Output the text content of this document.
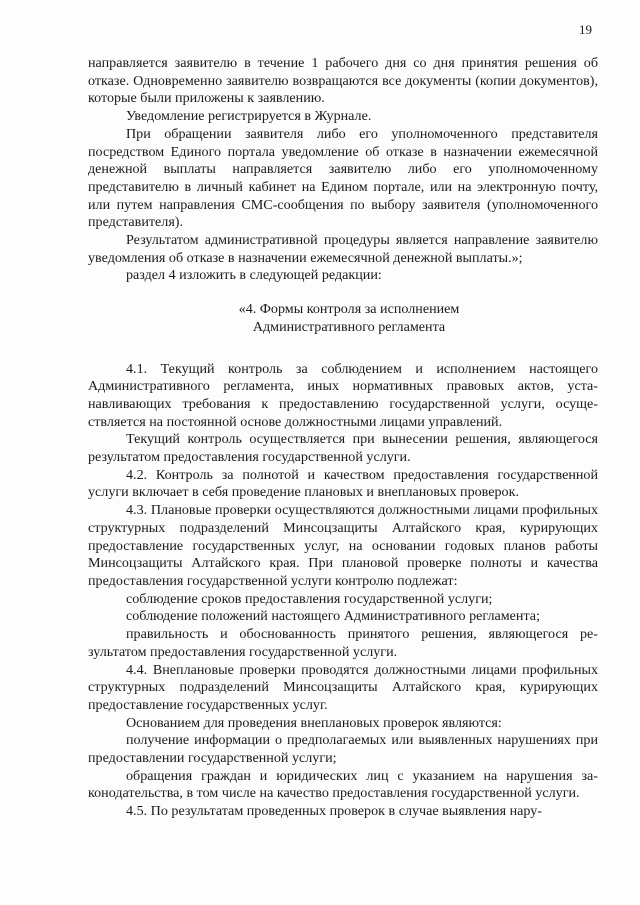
19

направляется заявителю в течение 1 рабочего дня со дня принятия решения об отказе. Одновременно заявителю возвращаются все документы (копии документов), которые были приложены к заявлению.

Уведомление регистрируется в Журнале.

При обращении заявителя либо его уполномоченного представителя посредством Единого портала уведомление об отказе в назначении ежемесячной денежной выплаты направляется заявителю либо его уполномоченному представителю в личный кабинет на Едином портале, или на электронную почту, или путем направления СМС-сообщения по выбору заявителя (уполномоченного представителя).

Результатом административной процедуры является направление заявителю уведомления об отказе в назначении ежемесячной денежной выплаты.»;

раздел 4 изложить в следующей редакции:

«4. Формы контроля за исполнением
Административного регламента

4.1. Текущий контроль за соблюдением и исполнением настоящего Административного регламента, иных нормативных правовых актов, устанавливающих требования к предоставлению государственной услуги, осуществляется на постоянной основе должностными лицами управлений.

Текущий контроль осуществляется при вынесении решения, являющегося результатом предоставления государственной услуги.

4.2. Контроль за полнотой и качеством предоставления государственной услуги включает в себя проведение плановых и внеплановых проверок.

4.3. Плановые проверки осуществляются должностными лицами профильных структурных подразделений Минсоцзащиты Алтайского края, курирующих предоставление государственных услуг, на основании годовых планов работы Минсоцзащиты Алтайского края. При плановой проверке полноты и качества предоставления государственной услуги контролю подлежат:

соблюдение сроков предоставления государственной услуги;

соблюдение положений настоящего Административного регламента;

правильность и обоснованность принятого решения, являющегося результатом предоставления государственной услуги.

4.4. Внеплановые проверки проводятся должностными лицами профильных структурных подразделений Минсоцзащиты Алтайского края, курирующих предоставление государственных услуг.

Основанием для проведения внеплановых проверок являются:

получение информации о предполагаемых или выявленных нарушениях при предоставлении государственной услуги;

обращения граждан и юридических лиц с указанием на нарушения законодательства, в том числе на качество предоставления государственной услуги.

4.5. По результатам проведенных проверок в случае выявления нару-
